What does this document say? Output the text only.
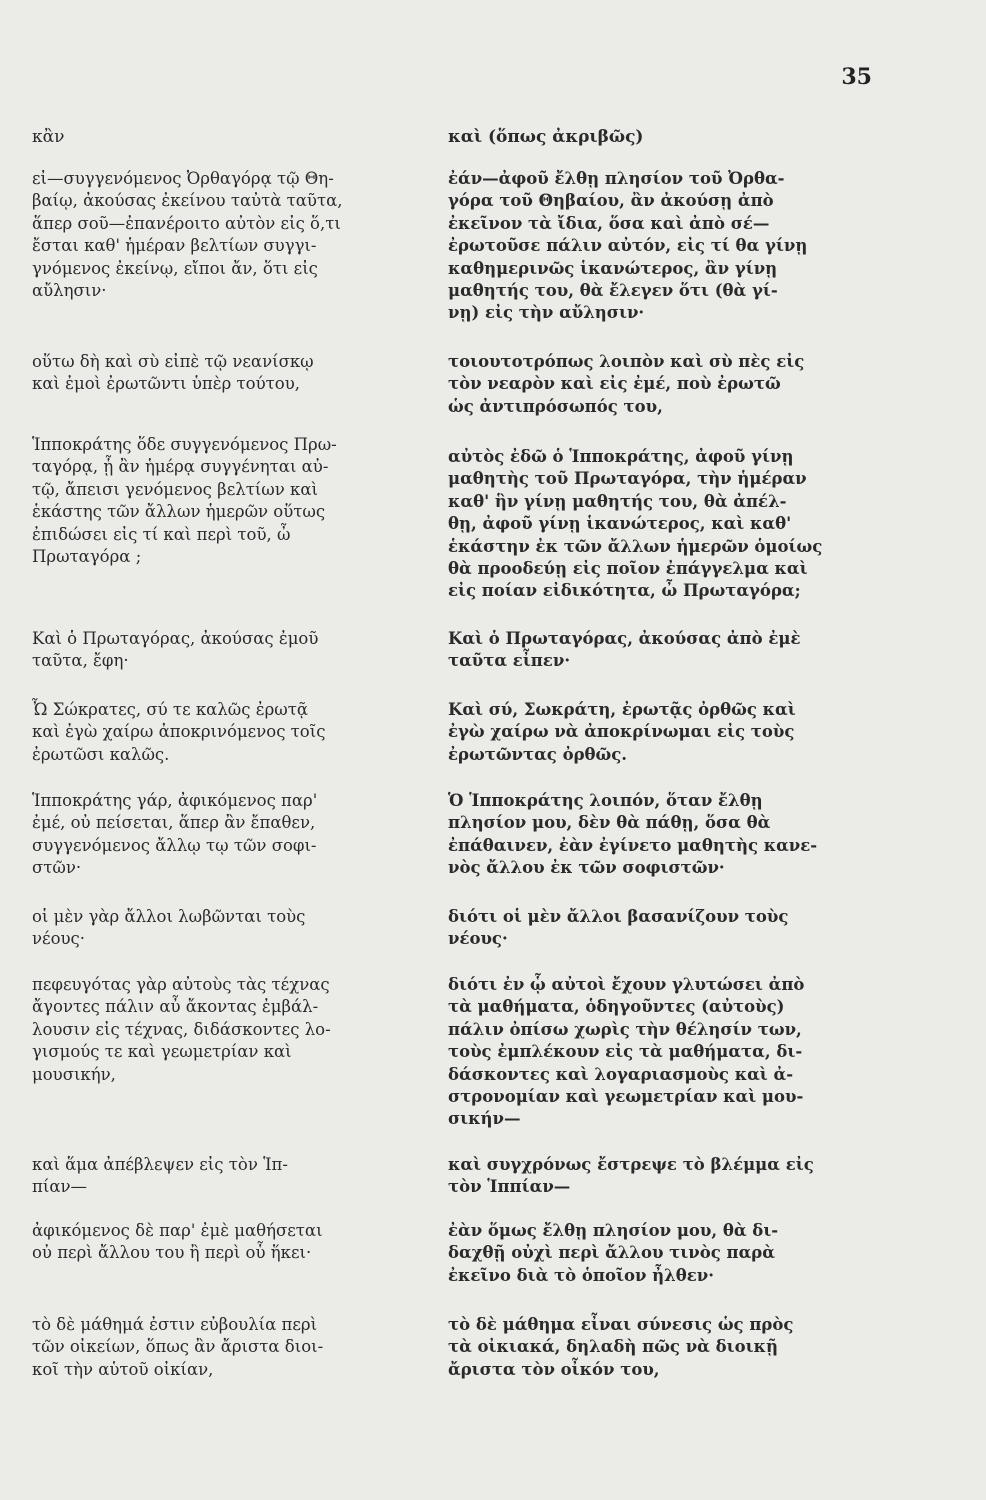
35

κἂν

εἰ—συγγενόμενος Ὀρθαγόρᾳ τῷ Θη-
βαίῳ, ἀκούσας ἐκείνου ταὐτὰ ταῦτα,
ἅπερ σοῦ—ἐπανέροιτο αὐτὸν εἰς ὅ,τι
ἔσται καθ' ἡμέραν βελτίων συγγι-
γνόμενος ἐκείνῳ, εἴποι ἄν, ὅτι εἰς
αὔλησιν·

οὕτω δὴ καὶ σὺ εἰπὲ τῷ νεανίσκῳ
καὶ ἐμοὶ ἐρωτῶντι ὑπὲρ τούτου,

Ἱπποκράτης ὅδε συγγενόμενος Πρω-
ταγόρᾳ, ᾗ ἂν ἡμέρᾳ συγγένηται αὐ-
τῷ, ἄπεισι γενόμενος βελτίων καὶ
ἑκάστης τῶν ἄλλων ἡμερῶν οὕτως
ἐπιδώσει εἰς τί καὶ περὶ τοῦ, ὦ
Πρωταγόρα ;

Καὶ ὁ Πρωταγόρας, ἀκούσας ἐμοῦ
ταῦτα, ἔφη·

Ὦ Σώκρατες, σύ τε καλῶς ἐρωτᾷ
καὶ ἐγὼ χαίρω ἀποκρινόμενος τοῖς
ἐρωτῶσι καλῶς.

Ἱπποκράτης γάρ, ἀφικόμενος παρ'
ἐμέ, οὐ πείσεται, ἅπερ ἂν ἔπαθεν,
συγγενόμενος ἄλλῳ τῳ τῶν σοφι-
στῶν·

οἱ μὲν γὰρ ἄλλοι λωβῶνται τοὺς
νέους·

πεφευγότας γὰρ αὐτοὺς τὰς τέχνας
ἄγοντες πάλιν αὖ ἄκοντας ἐμβάλ-
λουσιν εἰς τέχνας, διδάσκοντες λο-
γισμούς τε καὶ γεωμετρίαν καὶ
μουσικήν,

καὶ ἅμα ἀπέβλεψεν εἰς τὸν Ἱπ-
πίαν—

ἀφικόμενος δὲ παρ' ἐμὲ μαθήσεται
οὐ περὶ ἄλλου του ἢ περὶ οὗ ἥκει·

τὸ δὲ μάθημά ἐστιν εὐβουλία περὶ
τῶν οἰκείων, ὅπως ἂν ἄριστα διοι-
κοῖ τὴν αὑτοῦ οἰκίαν,

καὶ (ὅπως ἀκριβῶς)

ἐάν—ἀφοῦ ἔλθῃ πλησίον τοῦ Ὀρθα-
γόρα τοῦ Θηβαίου, ἂν ἀκούσῃ ἀπὸ
ἐκεῖνον τὰ ἴδια, ὅσα καὶ ἀπὸ σέ—
ἐρωτοῦσε πάλιν αὐτόν, εἰς τί θα γίνῃ
καθημερινῶς ἱκανώτερος, ἂν γίνῃ
μαθητής του, θὰ ἔλεγεν ὅτι (θὰ γί-
νῃ) εἰς τὴν αὔλησιν·

τοιουτοτρόπως λοιπὸν καὶ σὺ πὲς εἰς
τὸν νεαρὸν καὶ εἰς ἐμέ, ποὺ ἐρωτῶ
ὡς ἀντιπρόσωπός του,

αὐτὸς ἐδῶ ὁ Ἱπποκράτης, ἀφοῦ γίνῃ
μαθητὴς τοῦ Πρωταγόρα, τὴν ἡμέραν
καθ' ἣν γίνῃ μαθητής του, θὰ ἀπέλ-
θῃ, ἀφοῦ γίνῃ ἱκανώτερος, καὶ καθ'
ἑκάστην ἐκ τῶν ἄλλων ἡμερῶν ὁμοίως
θὰ προοδεύῃ εἰς ποῖον ἐπάγγελμα καὶ
εἰς ποίαν εἰδικότητα, ὦ Πρωταγόρα;

Καὶ ὁ Πρωταγόρας, ἀκούσας ἀπὸ ἐμὲ
ταῦτα εἶπεν·

Καὶ σύ, Σωκράτη, ἐρωτᾷς ὀρθῶς καὶ
ἐγὼ χαίρω νὰ ἀποκρίνωμαι εἰς τοὺς
ἐρωτῶντας ὀρθῶς.

Ὁ Ἱπποκράτης λοιπόν, ὅταν ἔλθῃ
πλησίον μου, δὲν θὰ πάθῃ, ὅσα θὰ
ἐπάθαινεν, ἐὰν ἐγίνετο μαθητὴς κανε-
νὸς ἄλλου ἐκ τῶν σοφιστῶν·

διότι οἱ μὲν ἄλλοι βασανίζουν τοὺς
νέους·

διότι ἐν ᾧ αὐτοὶ ἔχουν γλυτώσει ἀπὸ
τὰ μαθήματα, ὁδηγοῦντες (αὐτοὺς)
πάλιν ὀπίσω χωρὶς τὴν θέλησίν των,
τοὺς ἐμπλέκουν εἰς τὰ μαθήματα, δι-
δάσκοντες καὶ λογαριασμοὺς καὶ ἀ-
στρονομίαν καὶ γεωμετρίαν καὶ μου-
σικήν—

καὶ συγχρόνως ἔστρεψε τὸ βλέμμα εἰς
τὸν Ἱππίαν—

ἐὰν ὅμως ἔλθῃ πλησίον μου, θὰ δι-
δαχθῇ οὐχὶ περὶ ἄλλου τινὸς παρὰ
ἐκεῖνο διὰ τὸ ὁποῖον ἦλθεν·

τὸ δὲ μάθημα εἶναι σύνεσις ὡς πρὸς
τὰ οἰκιακά, δηλαδὴ πῶς νὰ διοικῇ
ἄριστα τὸν οἶκόν του,
